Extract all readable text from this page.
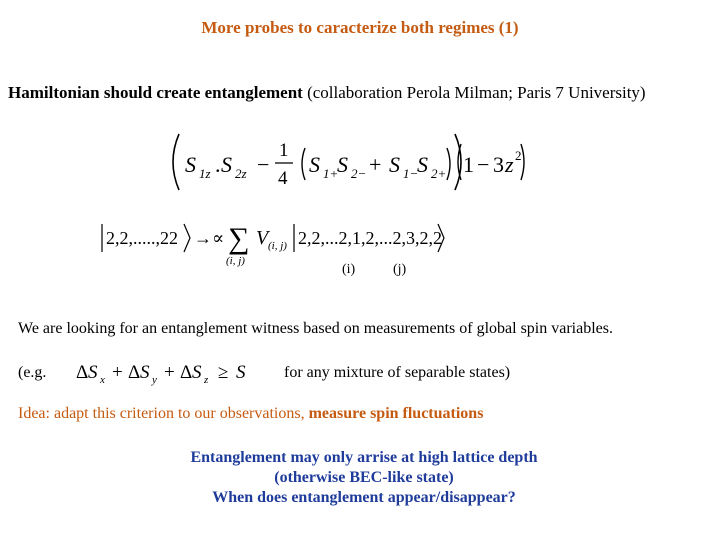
More probes to caracterize both regimes (1)
Hamiltonian should create entanglement (collaboration Perola Milman; Paris 7 University)
S 1z . S 2z −
1
4
S 1+
S 2− + S 1−
S 2+ 1 − 3 z 2
2,2,.....,22 → ∝ ∑
(i, j)
V (i, j) 2,2,...2,1,2,...2,3,2,2
(i)	(j)
We are looking for an entanglement witness based on measurements of global spin variables.
(e.g. Δ S x + Δ S y + Δ S z ≥ S for any mixture of separable states)
Idea: adapt this criterion to our observations, measure spin fluctuations
Entanglement may only arrise at high lattice depth
(otherwise BEC-like state)
When does entanglement appear/disappear?
